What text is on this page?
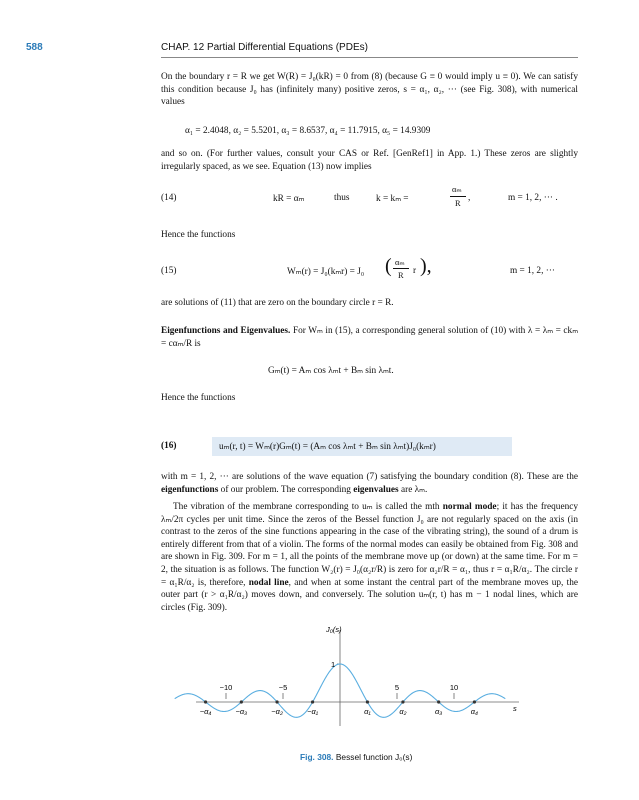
588	CHAP. 12 Partial Differential Equations (PDEs)

On the boundary r = R we get W(R) = J₀(kR) = 0 from (8) (because G ≡ 0 would imply u ≡ 0). We can satisfy this condition because J₀ has (infinitely many) positive zeros, s = α₁, α₂, ··· (see Fig. 308), with numerical values

α₁ = 2.4048, α₂ = 5.5201, α₃ = 8.6537, α₄ = 11.7915, α₅ = 14.9309

and so on. (For further values, consult your CAS or Ref. [GenRef1] in App. 1.) These zeros are slightly irregularly spaced, as we see. Equation (13) now implies

(14)	kR = αₘ	thus	k = kₘ =
αₘ
R
,	m = 1, 2, ··· .

Hence the functions

(15)	Wₘ(r) = J₀(kₘr) = J₀ ( αₘ
R r ),	m = 1, 2, ···

are solutions of (11) that are zero on the boundary circle r = R.

Eigenfunctions and Eigenvalues. For Wₘ in (15), a corresponding general solution of (10) with λ = λₘ = ckₘ = cαₘ/R is

Gₘ(t) = Aₘ cos λₘt + Bₘ sin λₘt.

Hence the functions

(16)	uₘ(r, t) = Wₘ(r)Gₘ(t) = (Aₘ cos λₘt + Bₘ sin λₘt)J₀(kₘr)

with m = 1, 2, ··· are solutions of the wave equation (7) satisfying the boundary condition (8). These are the eigenfunctions of our problem. The corresponding eigenvalues are λₘ.

The vibration of the membrane corresponding to uₘ is called the mth normal mode; it has the frequency λₘ/2π cycles per unit time. Since the zeros of the Bessel function J₀ are not regularly spaced on the axis (in contrast to the zeros of the sine functions appearing in the case of the vibrating string), the sound of a drum is entirely different from that of a violin. The forms of the normal modes can easily be obtained from Fig. 308 and are shown in Fig. 309. For m = 1, all the points of the membrane move up (or down) at the same time. For m = 2, the situation is as follows. The function W₂(r) = J₀(α₂r/R) is zero for α₂r/R = α₁, thus r = α₁R/α₂. The circle r = α₁R/α₂ is, therefore, nodal line, and when at some instant the central part of the membrane moves up, the outer part (r > α₁R/α₂) moves down, and conversely. The solution uₘ(r, t) has m − 1 nodal lines, which are circles (Fig. 309).

J₀(s)
1
s
−10	−5	5	10
−α₄	−α₃	−α₂	−α₁	α₁	α₂	α₃	α₄
Fig. 308. Bessel function J₀(s)
